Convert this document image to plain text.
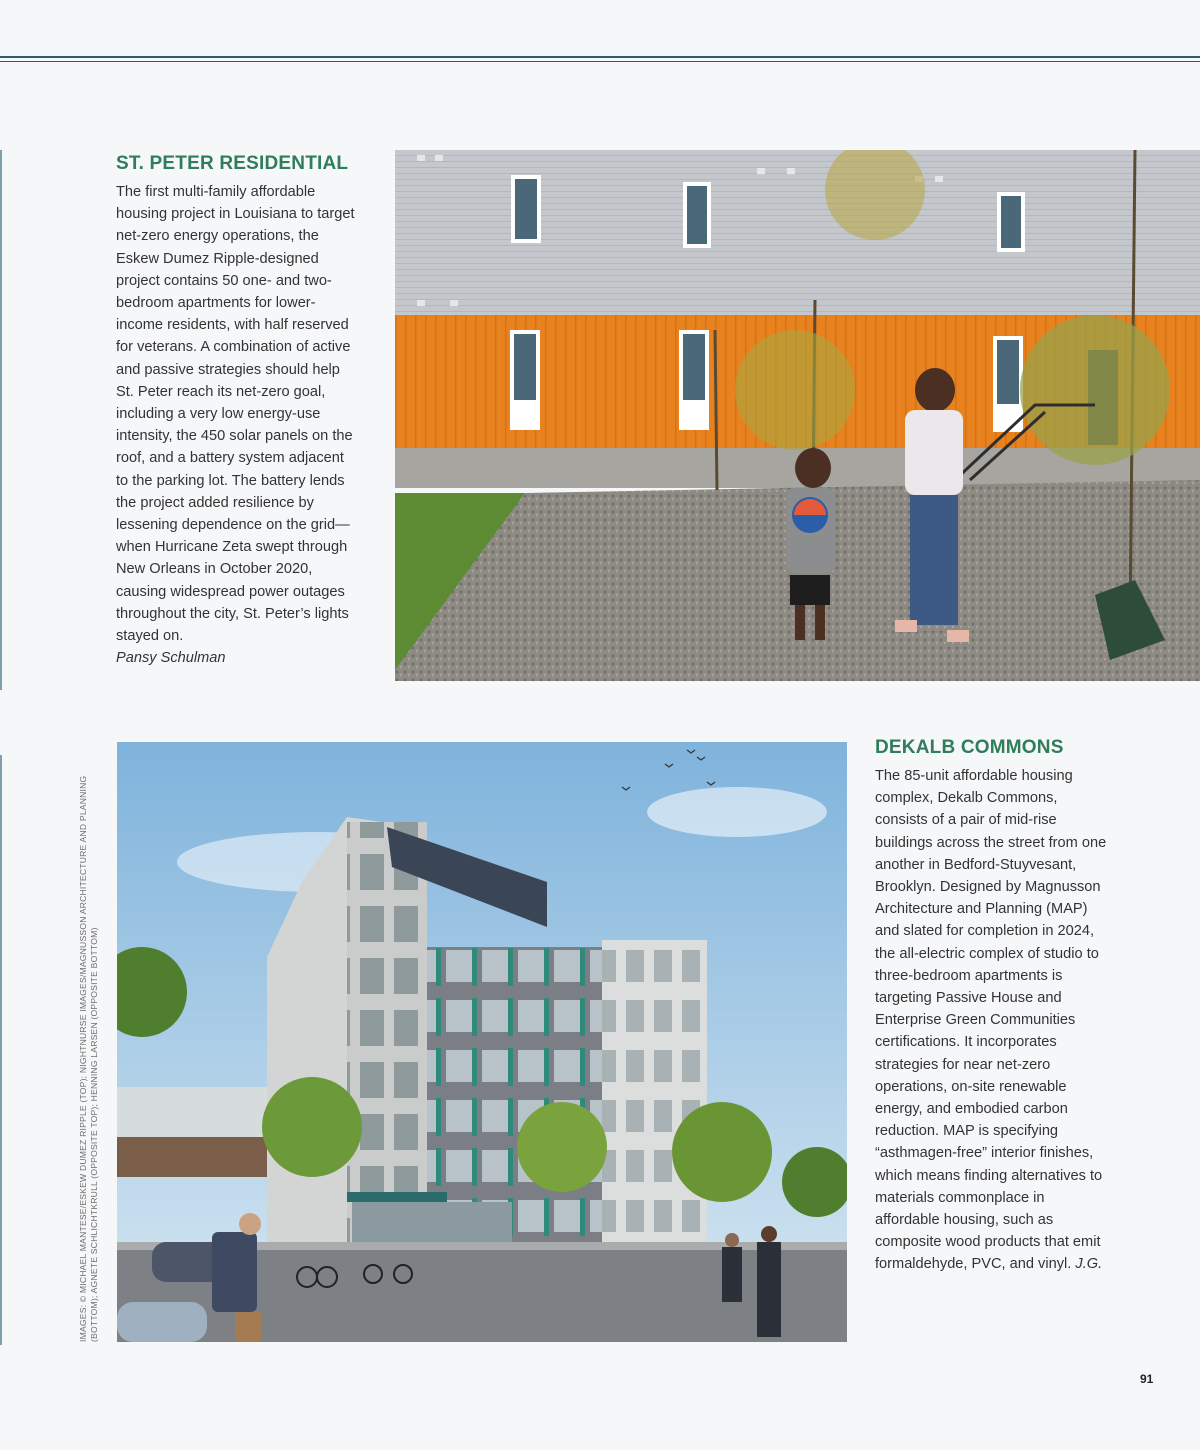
ST. PETER RESIDENTIAL

The first multi-family affordable housing project in Louisiana to target net-zero energy operations, the Eskew Dumez Ripple-designed project contains 50 one- and two-bedroom apartments for lower-income residents, with half reserved for veterans. A combination of active and passive strategies should help St. Peter reach its net-zero goal, including a very low energy-use intensity, the 450 solar panels on the roof, and a battery system adjacent to the parking lot. The battery lends the project added resilience by lessening dependence on the grid—when Hurricane Zeta swept through New Orleans in October 2020, causing widespread power outages throughout the city, St. Peter’s lights stayed on.
Pansy Schulman

DEKALB COMMONS

The 85-unit affordable housing complex, Dekalb Commons, consists of a pair of mid-rise buildings across the street from one another in Bedford-Stuyvesant, Brooklyn. Designed by Magnusson Architecture and Planning (MAP) and slated for completion in 2024, the all-electric complex of studio to three-bedroom apartments is targeting Passive House and Enterprise Green Communities certifications. It incorporates strategies for near net-zero operations, on-site renewable energy, and embodied carbon reduction. MAP is specifying “asthmagen-free” interior finishes, which means finding alternatives to materials commonplace in affordable housing, such as composite wood products that emit formaldehyde, PVC, and vinyl. J.G.

IMAGES: © MICHAEL MANTESE/ESKEW DUMEZ RIPPLE (TOP); NIGHTNURSE IMAGES/MAGNUSSON ARCHITECTURE AND PLANNING (BOTTOM); AGNETE SCHLICHTKRULL (OPPOSITE TOP); HENNING LARSEN (OPPOSITE BOTTOM)
91
